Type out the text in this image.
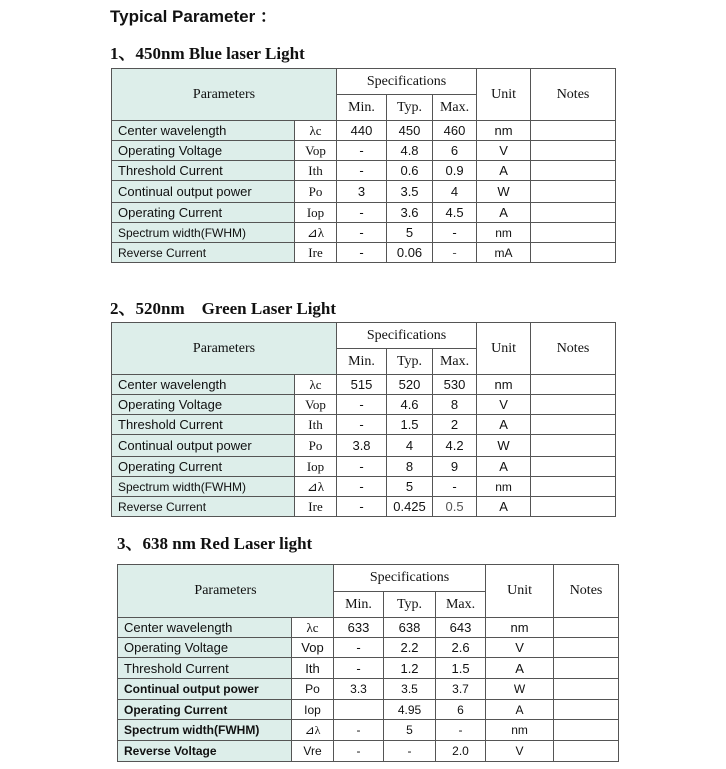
Typical Parameter ：
1、450nm Blue laser Light
Parameters		Specifications			Unit	Notes
		Min.	Typ.	Max.		
Center wavelength	λc	440	450	460	nm	
Operating Voltage	Vop	-	4.8	6	V	
Threshold Current	Ith	-	0.6	0.9	A	
Continual output power	Po	3	3.5	4	W	
Operating Current	Iop	-	3.6	4.5	A	
Spectrum width(FWHM)	⊿λ	-	5	-	nm	
Reverse Current	Ire	-	0.06	-	mA	
2、520nm　Green Laser Light
Parameters		Specifications			Unit	Notes
		Min.	Typ.	Max.		
Center wavelength	λc	515	520	530	nm	
Operating Voltage	Vop	-	4.6	8	V	
Threshold Current	Ith	-	1.5	2	A	
Continual output power	Po	3.8	4	4.2	W	
Operating Current	Iop	-	8	9	A	
Spectrum width(FWHM)	⊿λ	-	5	-	nm	
Reverse Current	Ire	-	0.425	0.5	A	
3、638 nm Red Laser light
Parameters		Specifications			Unit	Notes
		Min.	Typ.	Max.		
Center wavelength	λc	633	638	643	nm	
Operating Voltage	Vop	-	2.2	2.6	V	
Threshold Current	Ith	-	1.2	1.5	A	
Continual output power	Po	3.3	3.5	3.7	W	
Operating Current	Iop		4.95	6	A	
Spectrum width(FWHM)	⊿λ	-	5	-	nm	
Reverse Voltage	Vre	-	-	2.0	V	
